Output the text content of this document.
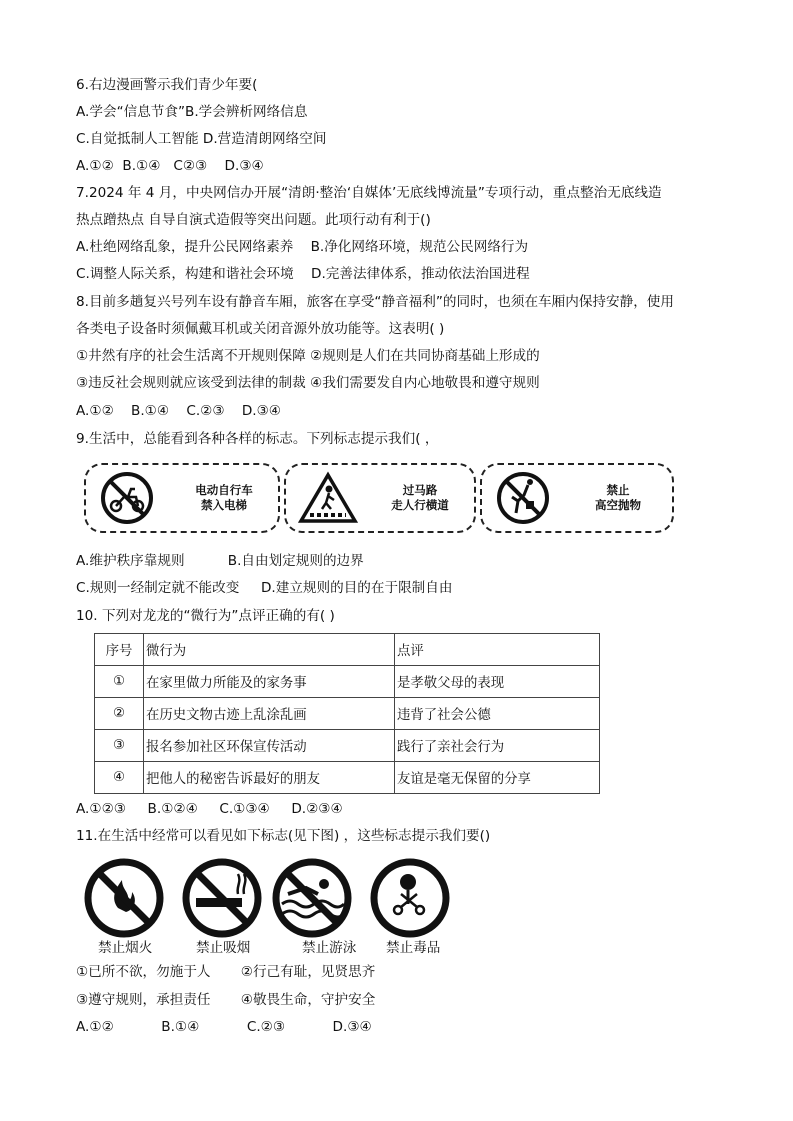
6.右边漫画警示我们青少年要(
A.学会“信息节食”B.学会辨析网络信息
C.自觉抵制人工智能 D.营造清朗网络空间
A.①②  B.①④   C②③    D.③④
7.2024 年 4 月，中央网信办开展“清朗·整治‘自媒体’无底线博流量”专项行动，重点整治无底线造
热点蹭热点 自导自演式造假等突出问题。此项行动有利于()
A.杜绝网络乱象，提升公民网络素养    B.净化网络环境，规范公民网络行为
C.调整人际关系，构建和谐社会环境    D.完善法律体系，推动依法治国进程
8.目前多趟复兴号列车设有静音车厢，旅客在享受“静音福利”的同时，也须在车厢内保持安静，使用
各类电子设备时须佩戴耳机或关闭音源外放功能等。这表明( )
①井然有序的社会生活离不开规则保障 ②规则是人们在共同协商基础上形成的
③违反社会规则就应该受到法律的制裁 ④我们需要发自内心地敬畏和遵守规则
A.①②    B.①④    C.②③    D.③④
9.生活中，总能看到各种各样的标志。下列标志提示我们( ，
电动自行车
禁入电梯
过马路
走人行横道
禁止
高空抛物
A.维护秩序靠规则          B.自由划定规则的边界
C.规则一经制定就不能改变     D.建立规则的目的在于限制自由
10. 下列对龙龙的“微行为”点评正确的有( )
序号	微行为	点评
①	在家里做力所能及的家务事	是孝敬父母的表现
②	在历史文物古迹上乱涂乱画	违背了社会公德
③	报名参加社区环保宣传活动	践行了亲社会行为
④	把他人的秘密告诉最好的朋友	友谊是毫无保留的分享
A.①②③     B.①②④     C.①③④     D.②③④
11.在生活中经常可以看见如下标志(见下图) ，这些标志提示我们要()
禁止烟火	禁止吸烟	禁止游泳 禁止毒品
①已所不欲，勿施于人       ②行己有耻，见贤思齐
③遵守规则，承担责任       ④敬畏生命，守护安全
A.①②           B.①④           C.②③           D.③④
